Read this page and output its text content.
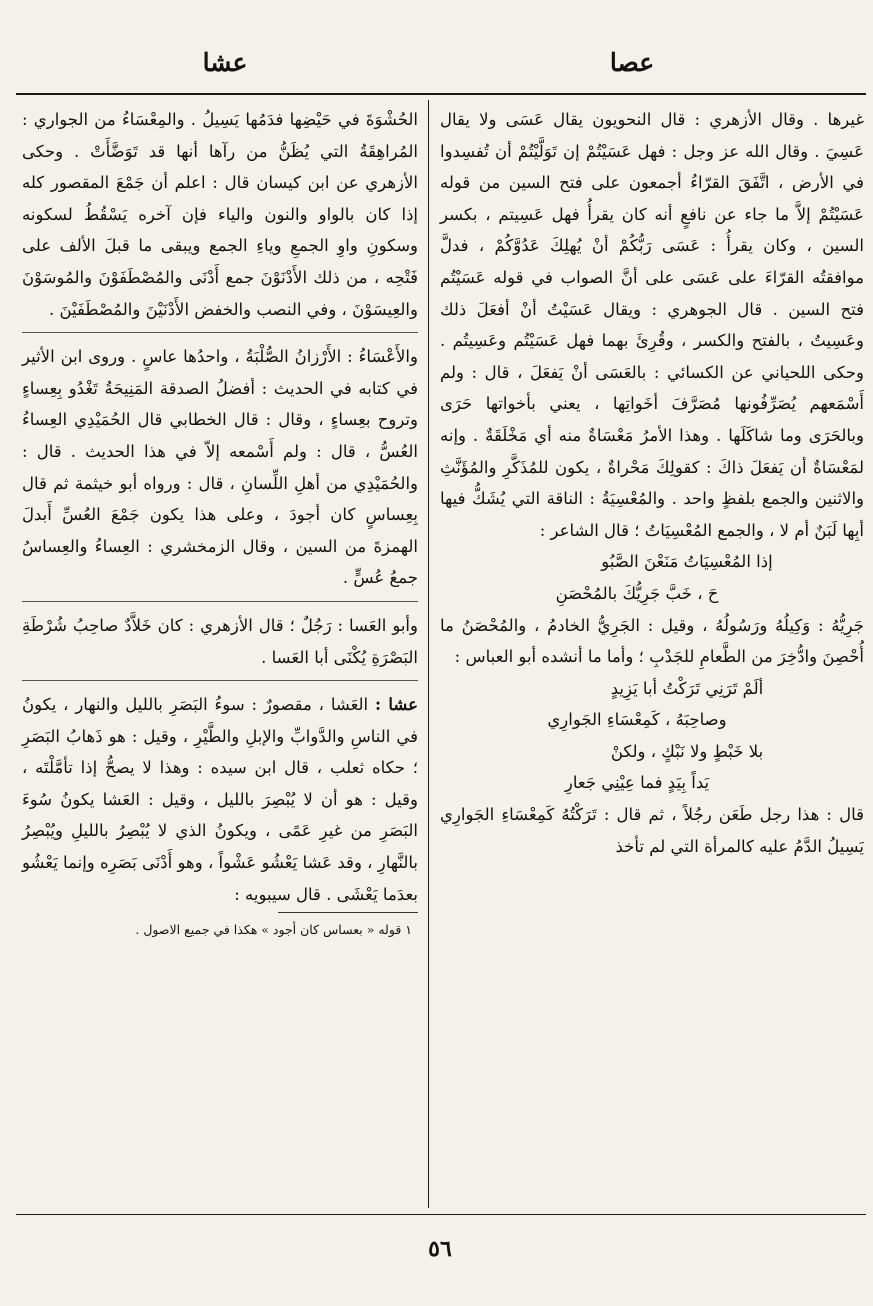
عصا
عشا

غيرها . وقال الأزهري : قال النحويون يقال عَسَى ولا يقال عَسِيَ . وقال الله عز وجل : فهل عَسَيْتُمْ إن تَوَلَّيْتُمْ أن تُفسِدوا في الأرض ، اتَّفَقَ القرّاءُ أجمعون على فتح السين من قوله عَسَيْتُمْ إلاَّ ما جاء عن نافعٍ أنه كان يقرأُ فهل عَسِيتم ، بكسر السين ، وكان يقرأُ : عَسَى رَبُّكُمْ أنْ يُهلِكَ عَدُوَّكُمْ ، فدلَّ موافقتُه القرّاءَ على عَسَى على أنَّ الصواب في قوله عَسَيْتُم فتح السين . قال الجوهري : ويقال عَسَيْتُ أنْ أفعَلَ ذلك وعَسِيتُ ، بالفتح والكسر ، وقُرِئَ بهما فهل عَسَيْتُم وعَسِيتُم . وحكى اللحياني عن الكسائي : بالعَسَى أنْ يَفعَلَ ، قال : ولم أَسْمَعهم يُصَرِّفُونها مُصَرَّفَ أخَواتِها ، يعني بأخواتها حَرَى وبالحَرَى وما شاكَلَها . وهذا الأمرُ مَعْسَاةٌ منه أي مَخْلَقَةٌ . وإنه لمَعْسَاةٌ أن يَفعَلَ ذاكَ : كقولِكَ مَحْراةٌ ، يكون للمُذَكَّرِ والمُؤَنَّثِ والاثنين والجمع بلفظٍ واحد . والمُعْسِيَةُ : الناقة التي يُشَكُّ فيها أبِها لَبَنٌ أم لا ، والجمع المُعْسِيَاتُ ؛ قال الشاعر :

إذا المُعْسِيَاتُ مَنَعْنَ الصَّبُو
حَ ، خَبَّ جَرِيُّكَ بالمُحْصَنِ

جَرِيُّهُ : وَكِيلُهُ ورَسُولُهُ ، وقيل : الجَرِيُّ الخادمُ ، والمُحْصَنُ ما أُحْصِنَ وادُّخِرَ من الطَّعامِ للجَدْبِ ؛ وأما ما أنشده أبو العباس :

ألَمْ تَرَنِي تَرَكْتُ أبا يَزِيدٍ
وصاحِبَهُ ، كَمِعْسَاءِ الجَوارِي
بلا خَبْطٍ ولا نَبْكٍ ، ولكنْ
يَداً بِيَدٍ فما عِيْنِي جَعارِ

قال : هذا رجل طَعَن رجُلاً ، ثم قال : تَرَكْتُهُ كَمِعْسَاءِ الجَوارِي يَسِيلُ الدَّمُ عليه كالمرأة التي لم تأخذ

الحُشْوَةَ في حَيْضِها فدَمُها يَسِيلُ . والمِعْسَاءُ من الجواري : المُراهِقَةُ التي يُظَنُّ من رآها أنها قد تَوَضَّأَتْ . وحكى الأزهري عن ابن كيسان قال : اعلم أن جَمْعَ المقصور كله إذا كان بالواو والنون والياء فإن آخره يَسْقُطُ لسكونه وسكونِ واوِ الجمعِ وياءِ الجمع ويبقى ما قبلَ الألف على فَتْحِه ، من ذلك الأَدْنَوْنَ جمع أَدْنَى والمُصْطَفَوْنَ والمُوسَوْنَ والعِيسَوْنَ ، وفي النصب والخفض الأَدْنَيْنَ والمُصْطَفَيْنَ .

والأَعْسَاءُ : الأَرْزانُ الصُّلْبَةُ ، واحدُها عاسٍ . وروى ابن الأثير في كتابه في الحديث : أفضلُ الصدقة المَنِيحَةُ تَغْدُو بِعِساءٍ وتروح بعِساءٍ ، وقال : قال الخطابي قال الحُمَيْدِي العِساءُ العُسُّ ، قال : ولم أَسْمعه إلاّ في هذا الحديث . قال : والحُمَيْدِي من أهلِ اللِّسانِ ، قال : ورواه أبو خيثمة ثم قال بِعِساسٍ كان أجودَ ، وعلى هذا يكون جَمْعَ العُسِّ أَبدلَ الهمزةَ من السين ، وقال الزمخشري : العِساءُ والعِساسُ جمعُ عُسٍّ .

وأبو العَسا : رَجُلٌ ؛ قال الأزهري : كان خَلاَّدٌ صاحِبُ شُرْطَةِ البَصْرَةِ يُكْنَى أبا العَسا .

عشا : العَشا ، مقصورٌ : سوءُ البَصَرِ بالليل والنهار ، يكونُ في الناسِ والدَّوابِّ والإبلِ والطَّيْرِ ، وقيل : هو ذَهابُ البَصَرِ ؛ حكاه ثعلب ، قال ابن سيده : وهذا لا يصحُّ إذا تأمَّلْتَه ، وقيل : هو أن لا يُبْصِرَ بالليل ، وقيل : العَشا يكونُ سُوءَ البَصَرِ من غيرِ عَمًى ، ويكونُ الذي لا يُبْصِرُ بالليلِ ويُبْصِرُ بالنَّهارِ ، وقد عَشا يَعْشُو عَشْواً ، وهو أَدْنَى بَصَرِه وإنما يَعْشُو بعدَما يَعْشَى . قال سيبويه :

١ قوله « بعساس كان أجود » هكذا في جميع الاصول .
٥٦
